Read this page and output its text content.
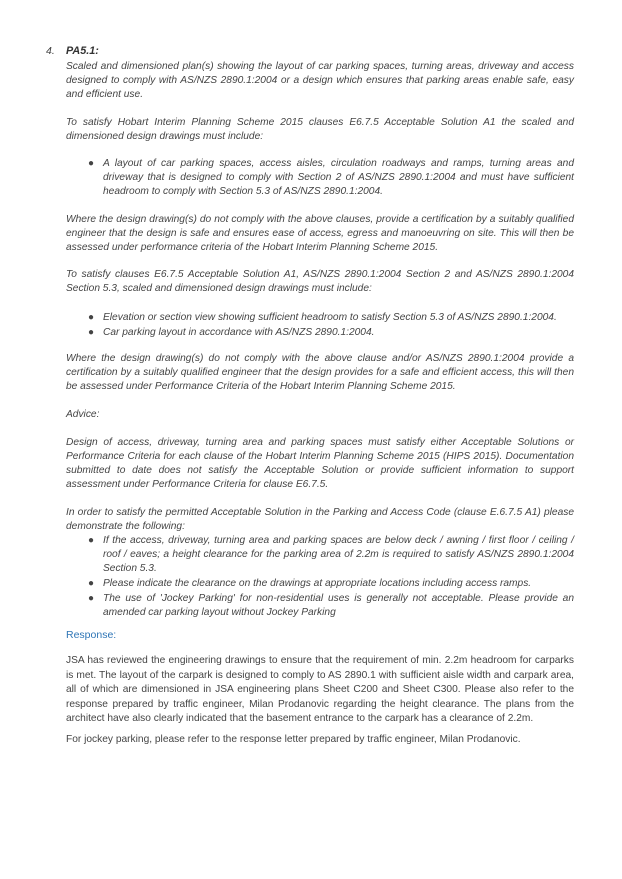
4. PA5.1:
Scaled and dimensioned plan(s) showing the layout of car parking spaces, turning areas, driveway and access designed to comply with AS/NZS 2890.1:2004 or a design which ensures that parking areas enable safe, easy and efficient use.
To satisfy Hobart Interim Planning Scheme 2015 clauses E6.7.5 Acceptable Solution A1 the scaled and dimensioned design drawings must include:
● A layout of car parking spaces, access aisles, circulation roadways and ramps, turning areas and driveway that is designed to comply with Section 2 of AS/NZS 2890.1:2004 and must have sufficient headroom to comply with Section 5.3 of AS/NZS 2890.1:2004.
Where the design drawing(s) do not comply with the above clauses, provide a certification by a suitably qualified engineer that the design is safe and ensures ease of access, egress and manoeuvring on site. This will then be assessed under performance criteria of the Hobart Interim Planning Scheme 2015.
To satisfy clauses E6.7.5 Acceptable Solution A1, AS/NZS 2890.1:2004 Section 2 and AS/NZS 2890.1:2004 Section 5.3, scaled and dimensioned design drawings must include:
● Elevation or section view showing sufficient headroom to satisfy Section 5.3 of AS/NZS 2890.1:2004.
● Car parking layout in accordance with AS/NZS 2890.1:2004.
Where the design drawing(s) do not comply with the above clause and/or AS/NZS 2890.1:2004 provide a certification by a suitably qualified engineer that the design provides for a safe and efficient access, this will then be assessed under Performance Criteria of the Hobart Interim Planning Scheme 2015.
Advice:
Design of access, driveway, turning area and parking spaces must satisfy either Acceptable Solutions or Performance Criteria for each clause of the Hobart Interim Planning Scheme 2015 (HIPS 2015). Documentation submitted to date does not satisfy the Acceptable Solution or provide sufficient information to support assessment under Performance Criteria for clause E6.7.5.
In order to satisfy the permitted Acceptable Solution in the Parking and Access Code (clause E.6.7.5 A1) please demonstrate the following:
● If the access, driveway, turning area and parking spaces are below deck / awning / first floor / ceiling / roof / eaves; a height clearance for the parking area of 2.2m is required to satisfy AS/NZS 2890.1:2004 Section 5.3.
● Please indicate the clearance on the drawings at appropriate locations including access ramps.
● The use of 'Jockey Parking' for non-residential uses is generally not acceptable. Please provide an amended car parking layout without Jockey Parking
Response:
JSA has reviewed the engineering drawings to ensure that the requirement of min. 2.2m headroom for carparks is met. The layout of the carpark is designed to comply to AS 2890.1 with sufficient aisle width and carpark area, all of which are dimensioned in JSA engineering plans Sheet C200 and Sheet C300. Please also refer to the response prepared by traffic engineer, Milan Prodanovic regarding the height clearance. The plans from the architect have also clearly indicated that the basement entrance to the carpark has a clearance of 2.2m.
For jockey parking, please refer to the response letter prepared by traffic engineer, Milan Prodanovic.
